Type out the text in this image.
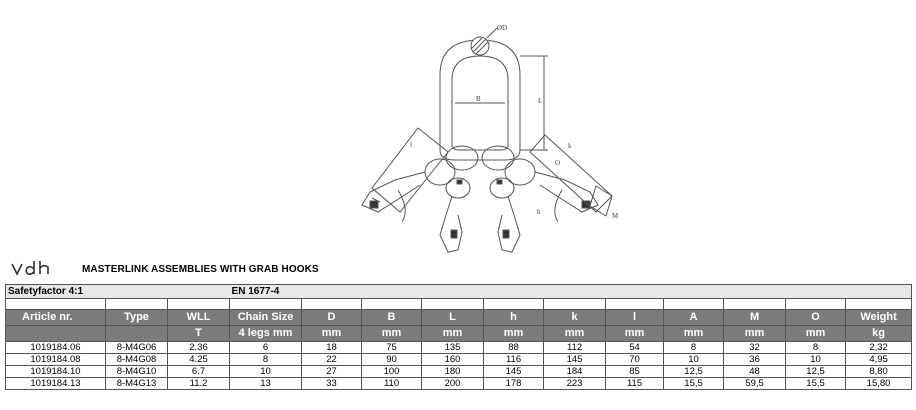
ØD
B	L
k
l
O
h	M
MASTERLINK ASSEMBLIES WITH GRAB HOOKS
Safetyfactor 4:1			EN 1677-4										

Article nr.	Type	WLL	Chain Size	D	B	L	h	k	l	A	M	O	Weight
		T	4 legs mm	mm	mm	mm	mm	mm	mm	mm	mm	mm	kg
1019184.06	8-M4G06	2.36	6	18	75	135	88	112	54	8	32	8	2,32
1019184.08	8-M4G08	4.25	8	22	90	160	116	145	70	10	36	10	4,95
1019184.10	8-M4G10	6.7	10	27	100	180	145	184	85	12,5	48	12,5	8,80
1019184.13	8-M4G13	11.2	13	33	110	200	178	223	115	15,5	59,5	15,5	15,80
